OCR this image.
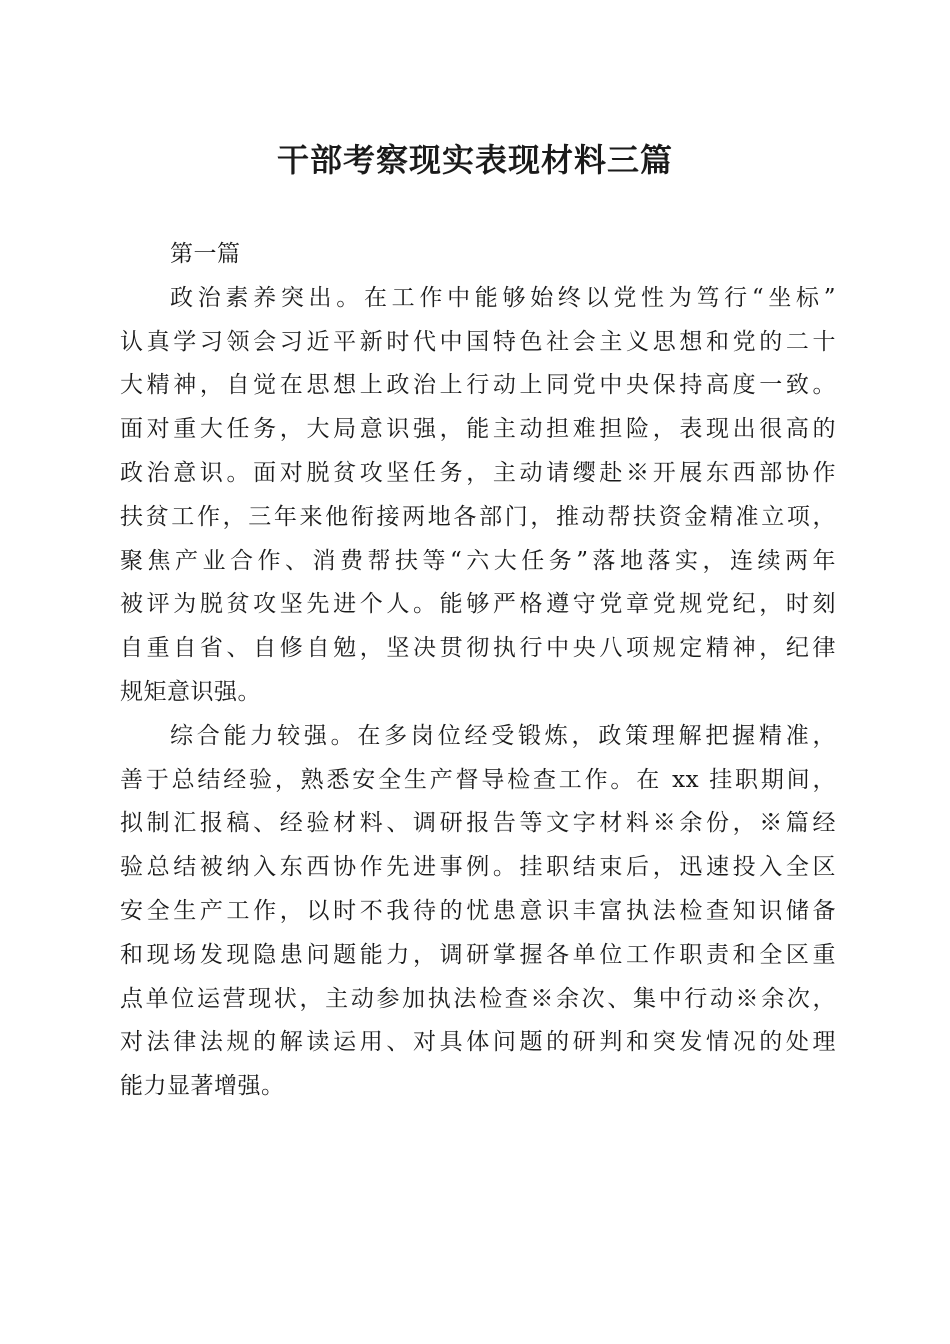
干部考察现实表现材料三篇
第一篇
政治素养突出。在工作中能够始终以党性为笃行“坐标”
认真学习领会习近平新时代中国特色社会主义思想和党的二十
大精神，自觉在思想上政治上行动上同党中央保持高度一致。
面对重大任务，大局意识强，能主动担难担险，表现出很高的
政治意识。面对脱贫攻坚任务，主动请缨赴※开展东西部协作
扶贫工作，三年来他衔接两地各部门，推动帮扶资金精准立项，
聚焦产业合作、消费帮扶等“六大任务”落地落实，连续两年
被评为脱贫攻坚先进个人。能够严格遵守党章党规党纪，时刻
自重自省、自修自勉，坚决贯彻执行中央八项规定精神，纪律
规矩意识强。
综合能力较强。在多岗位经受锻炼，政策理解把握精准，
善于总结经验，熟悉安全生产督导检查工作。在 xx 挂职期间，
拟制汇报稿、经验材料、调研报告等文字材料※余份，※篇经
验总结被纳入东西协作先进事例。挂职结束后，迅速投入全区
安全生产工作，以时不我待的忧患意识丰富执法检查知识储备
和现场发现隐患问题能力，调研掌握各单位工作职责和全区重
点单位运营现状，主动参加执法检查※余次、集中行动※余次，
对法律法规的解读运用、对具体问题的研判和突发情况的处理
能力显著增强。
